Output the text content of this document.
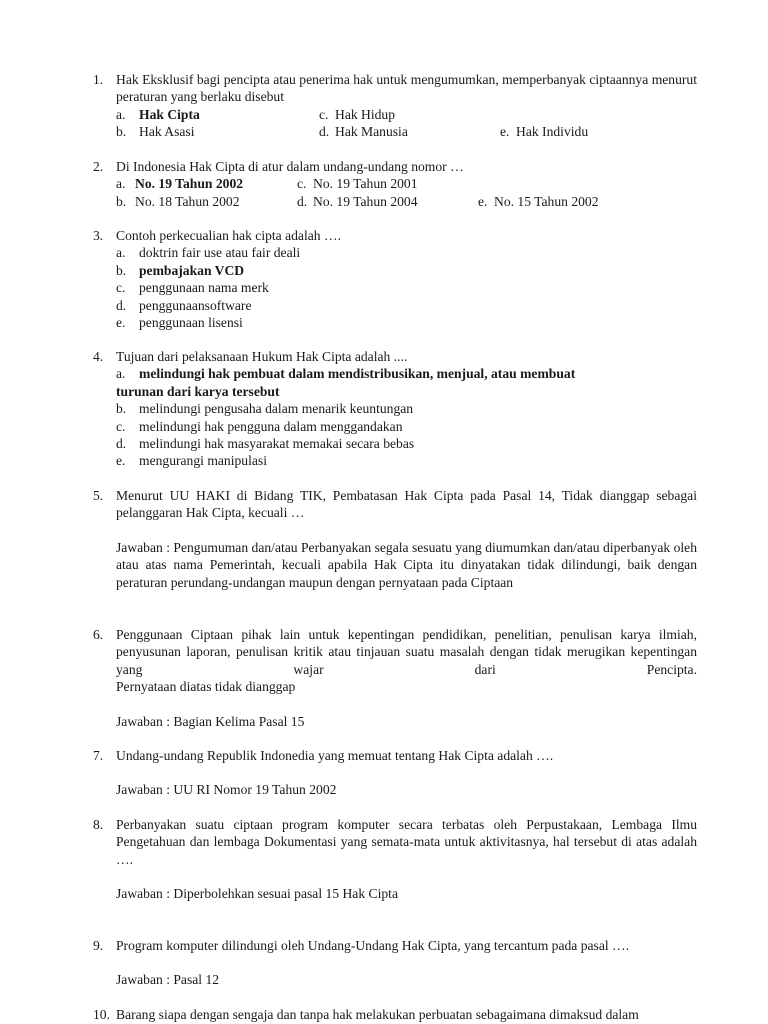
1. Hak Eksklusif bagi pencipta atau penerima hak untuk mengumumkan, memperbanyak ciptaannya menurut peraturan yang berlaku disebut
a. Hak Cipta	c. Hak Hidup
b. Hak Asasi	d. Hak Manusia	e. Hak Individu
2. Di Indonesia Hak Cipta di atur dalam undang-undang nomor …
a. No. 19 Tahun 2002	c. No. 19 Tahun 2001
b. No. 18 Tahun 2002	d. No. 19 Tahun 2004	e. No. 15 Tahun 2002
3. Contoh perkecualian hak cipta adalah ….
a. doktrin fair use atau fair deali
b. pembajakan VCD
c. penggunaan nama merk
d. penggunaansoftware
e. penggunaan lisensi
4. Tujuan dari pelaksanaan Hukum Hak Cipta adalah ....
a. melindungi hak pembuat dalam mendistribusikan, menjual, atau membuat
turunan dari karya tersebut
b. melindungi pengusaha dalam menarik keuntungan
c. melindungi hak pengguna dalam menggandakan
d. melindungi hak masyarakat memakai secara bebas
e. mengurangi manipulasi
5. Menurut UU HAKI di Bidang TIK, Pembatasan Hak Cipta pada Pasal 14, Tidak dianggap sebagai pelanggaran Hak Cipta, kecuali …
Jawaban : Pengumuman dan/atau Perbanyakan segala sesuatu yang diumumkan dan/atau diperbanyak oleh atau atas nama Pemerintah, kecuali apabila Hak Cipta itu dinyatakan tidak dilindungi, baik dengan peraturan perundang-undangan maupun dengan pernyataan pada Ciptaan
6. Penggunaan Ciptaan pihak lain untuk kepentingan pendidikan, penelitian, penulisan karya ilmiah, penyusunan laporan, penulisan kritik atau tinjauan suatu masalah dengan tidak merugikan kepentingan yang wajar dari Pencipta.
Pernyataan diatas tidak dianggap
Jawaban : Bagian Kelima Pasal 15
7. Undang-undang Republik Indonedia yang memuat tentang Hak Cipta adalah ….
Jawaban : UU RI Nomor 19 Tahun 2002
8. Perbanyakan suatu ciptaan program komputer secara terbatas oleh Perpustakaan, Lembaga Ilmu Pengetahuan dan lembaga Dokumentasi yang semata-mata untuk aktivitasnya, hal tersebut di atas adalah ….
Jawaban : Diperbolehkan sesuai pasal 15 Hak Cipta
9. Program komputer dilindungi oleh Undang-Undang Hak Cipta, yang tercantum pada pasal ….
Jawaban : Pasal 12
10. Barang siapa dengan sengaja dan tanpa hak melakukan perbuatan sebagaimana dimaksud dalam
